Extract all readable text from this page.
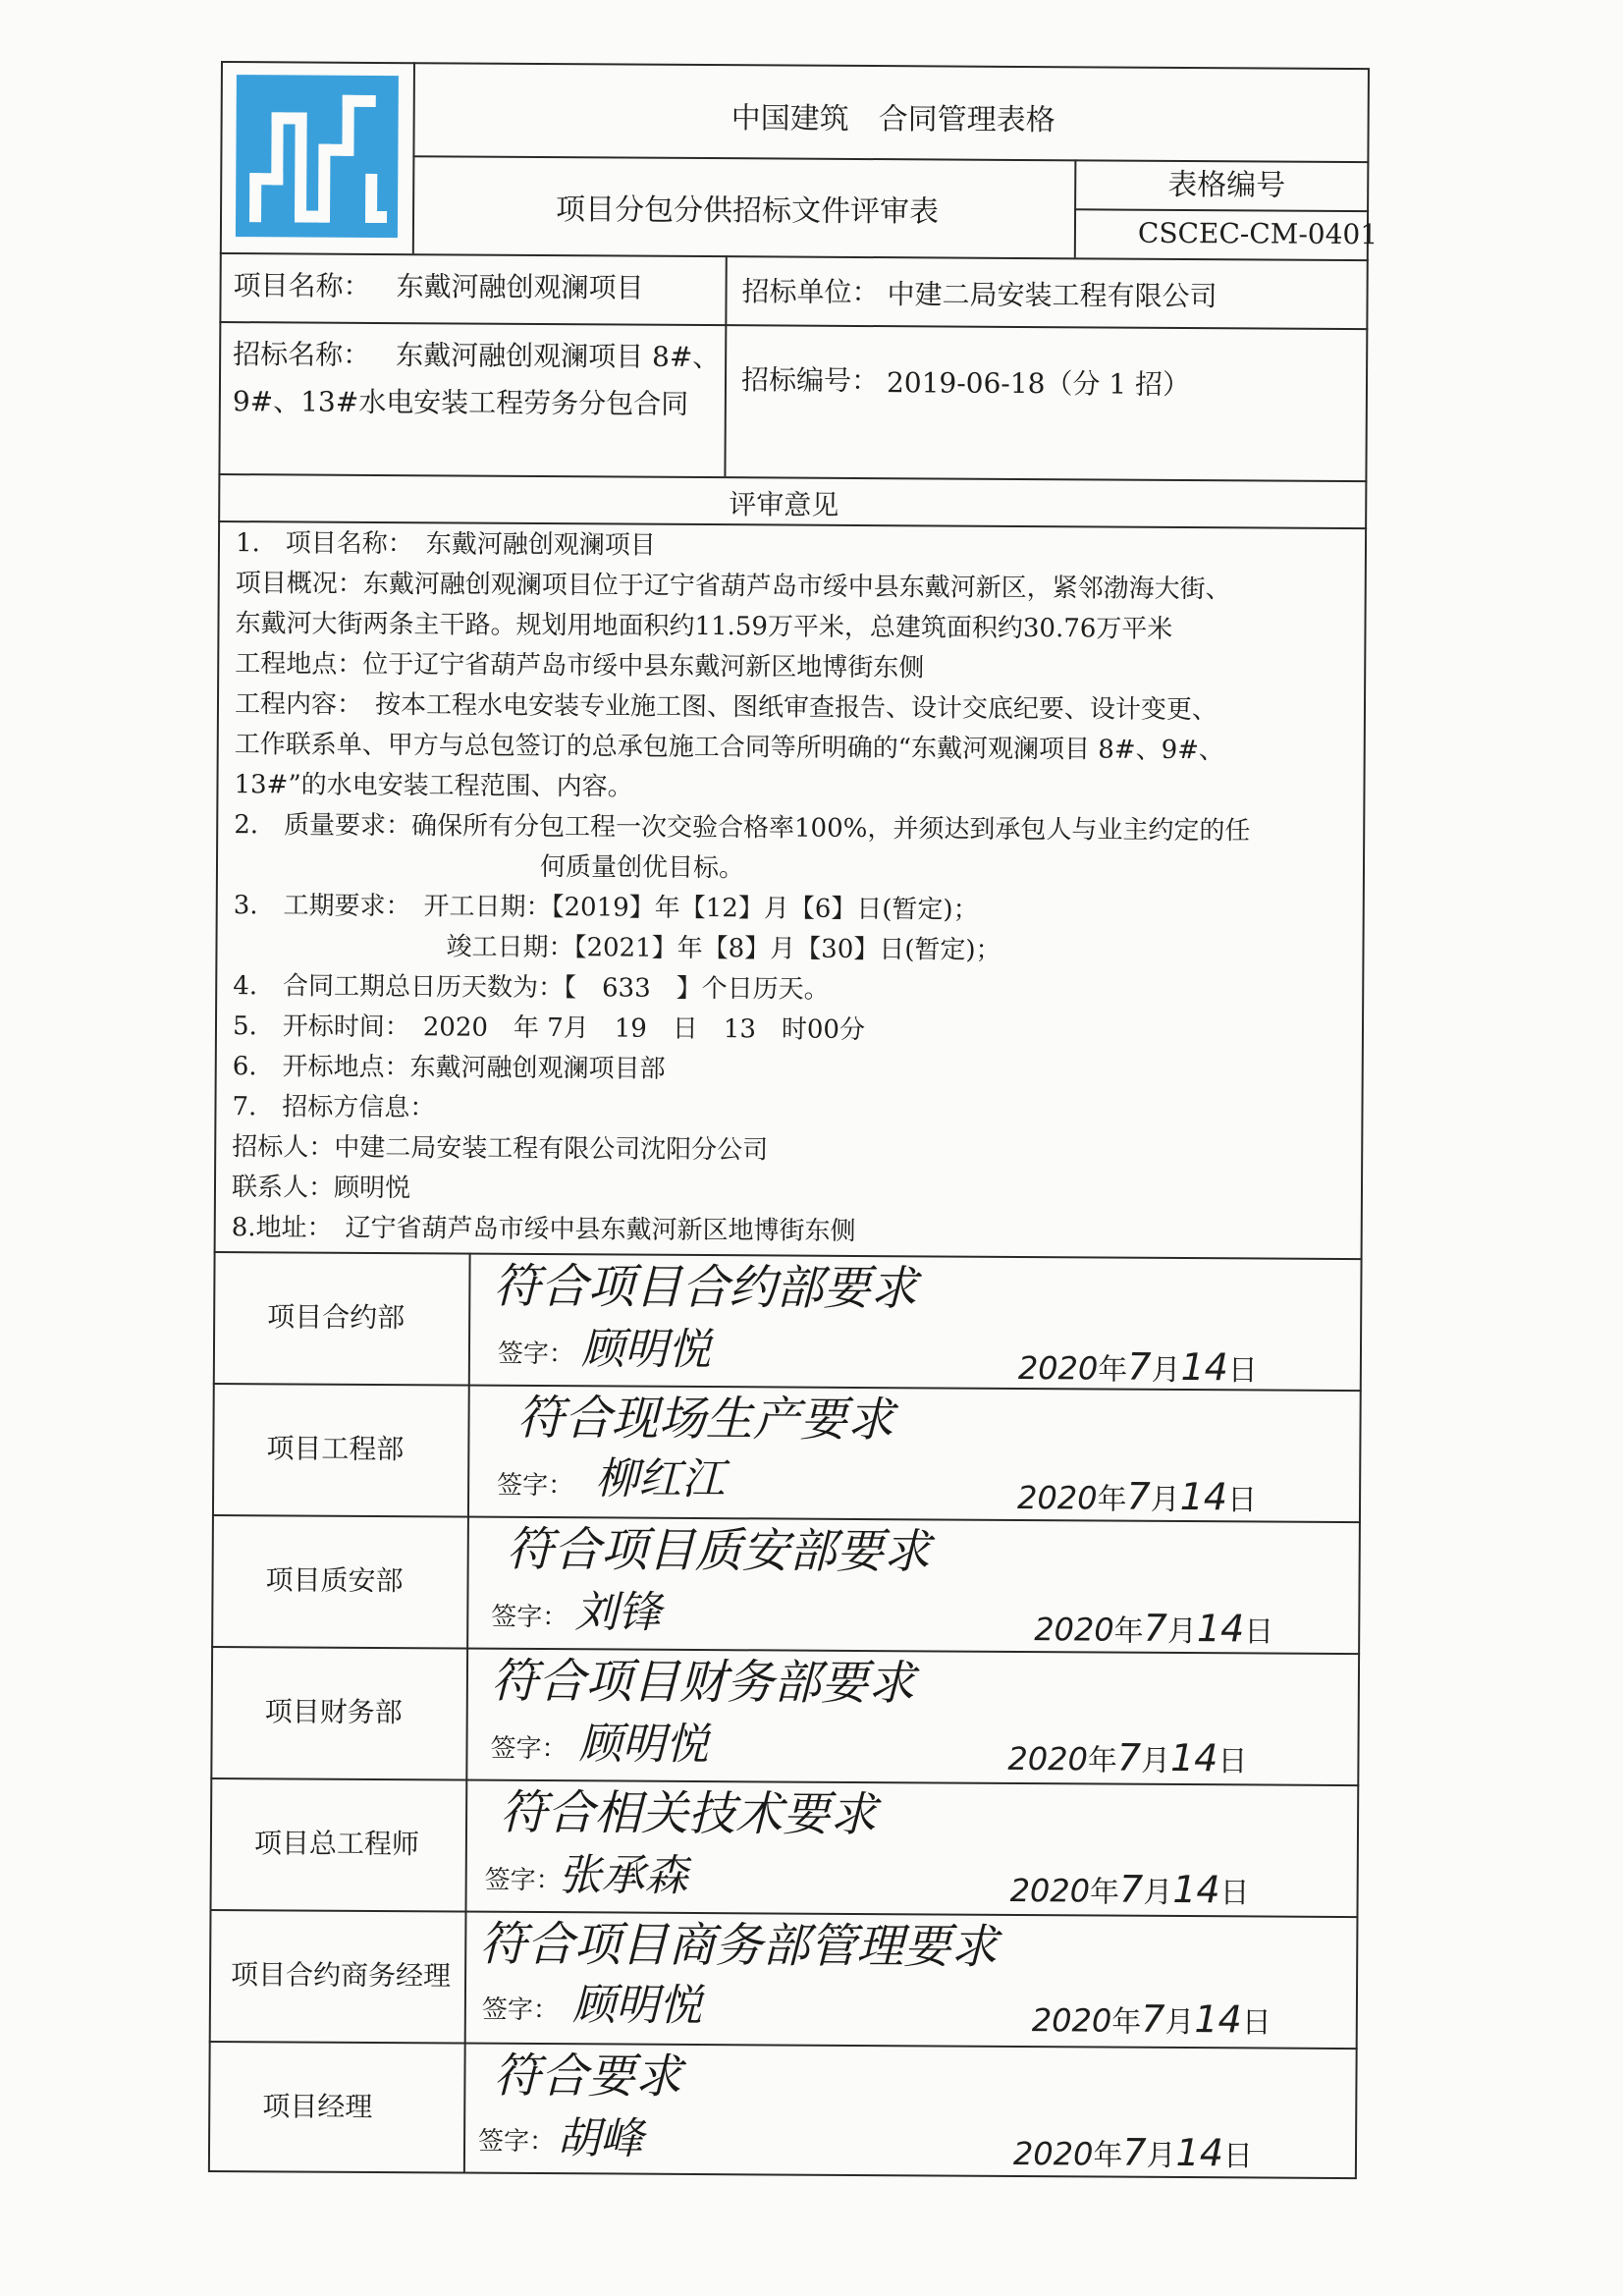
中国建筑　合同管理表格
项目分包分供招标文件评审表
表格编号
CSCEC-CM-0401
项目名称： 东戴河融创观澜项目	招标单位： 中建二局安装工程有限公司
招标名称： 东戴河融创观澜项目 8#、
9#、13#水电安装工程劳务分包合同
招标编号： 2019-06-18（分 1 招）
评审意见
1.　项目名称：　东戴河融创观澜项目
项目概况：东戴河融创观澜项目位于辽宁省葫芦岛市绥中县东戴河新区，紧邻渤海大街、
东戴河大街两条主干路。规划用地面积约11.59万平米，总建筑面积约30.76万平米
工程地点：位于辽宁省葫芦岛市绥中县东戴河新区地博街东侧
工程内容：　按本工程水电安装专业施工图、图纸审查报告、设计交底纪要、设计变更、
工作联系单、甲方与总包签订的总承包施工合同等所明确的“东戴河观澜项目 8#、9#、
13#”的水电安装工程范围、内容。
2.　质量要求：确保所有分包工程一次交验合格率100%，并须达到承包人与业主约定的任
何质量创优目标。
3.　工期要求：　开工日期：【2019】年【12】月【6】日(暂定)；
竣工日期：【2021】年【8】月【30】日(暂定)；
4.　合同工期总日历天数为：【　633　】个日历天。
5.　开标时间：　2020　年 7月　19　日　13　时00分
6.　开标地点：东戴河融创观澜项目部
7.　招标方信息：
招标人：中建二局安装工程有限公司沈阳分公司
联系人：顾明悦
8.地址：　辽宁省葫芦岛市绥中县东戴河新区地博街东侧
项目合约部
符合项目合约部要求
签字： 顾明悦	2020年7月14日
项目工程部
符合现场生产要求
签字： 柳红江	2020年7月14日
项目质安部
符合项目质安部要求
签字： 刘锋	2020年7月14日
项目财务部
符合项目财务部要求
签字： 顾明悦	2020年7月14日
项目总工程师
符合相关技术要求
签字：
张承森	2020年7月14日
项目合约商务经理
符合项目商务部管理要求
签字： 顾明悦	2020年7月14日
项目经理
符合要求
签字： 胡峰	2020年7月14日
